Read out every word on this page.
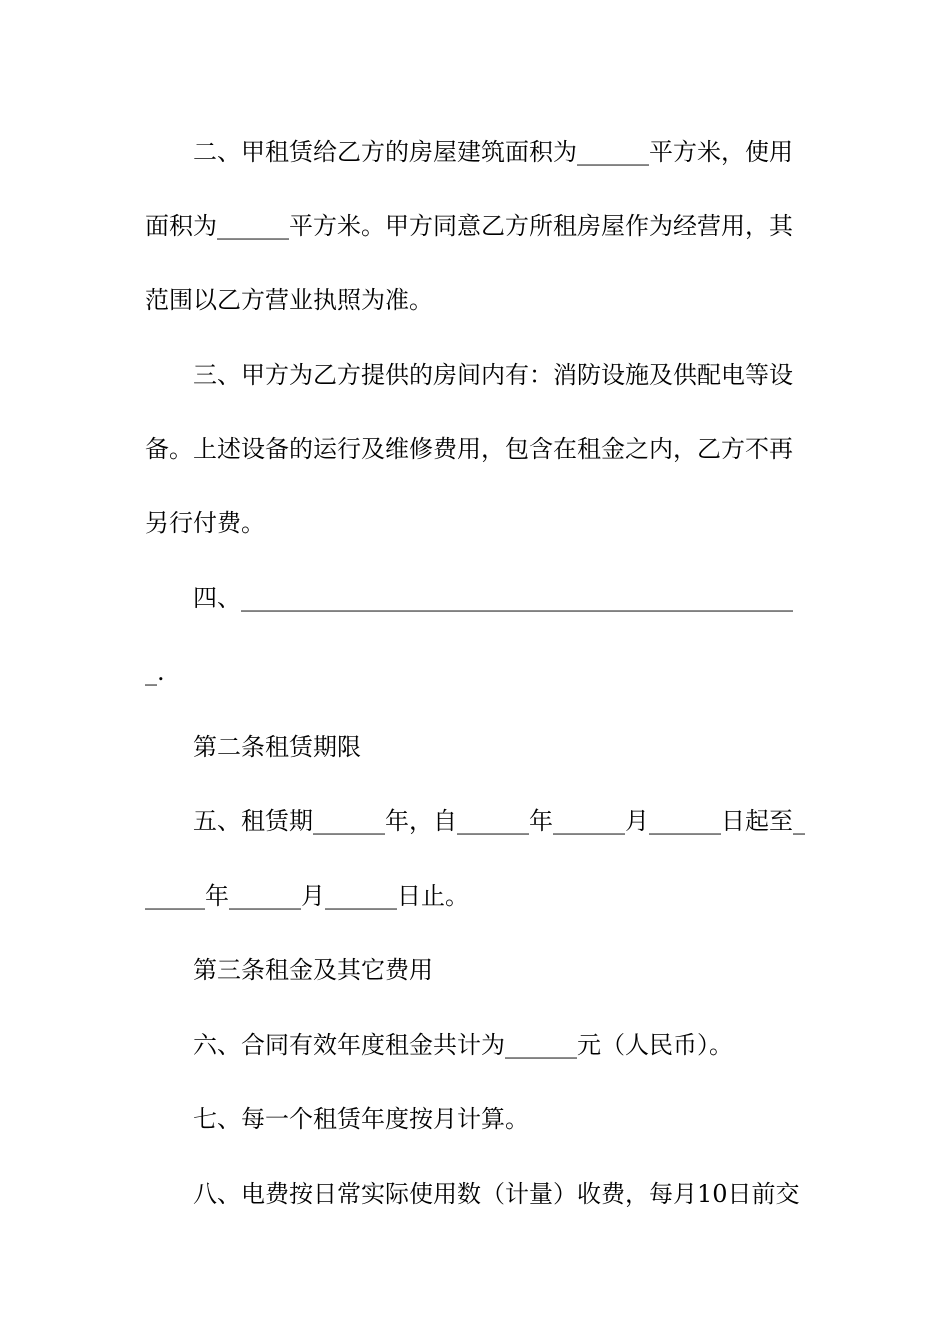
二、甲租赁给乙方的房屋建筑面积为______平方米，使用
面积为______平方米。甲方同意乙方所租房屋作为经营用，其
范围以乙方营业执照为准。
三、甲方为乙方提供的房间内有：消防设施及供配电等设
备。上述设备的运行及维修费用，包含在租金之内，乙方不再
另行付费。
四、______________________________________________
_.
第二条租赁期限
五、租赁期______年，自______年______月______日起至_
_____年______月______日止。
第三条租金及其它费用
六、合同有效年度租金共计为______元（人民币）。
七、每一个租赁年度按月计算。
八、电费按日常实际使用数（计量）收费，每月10日前交
